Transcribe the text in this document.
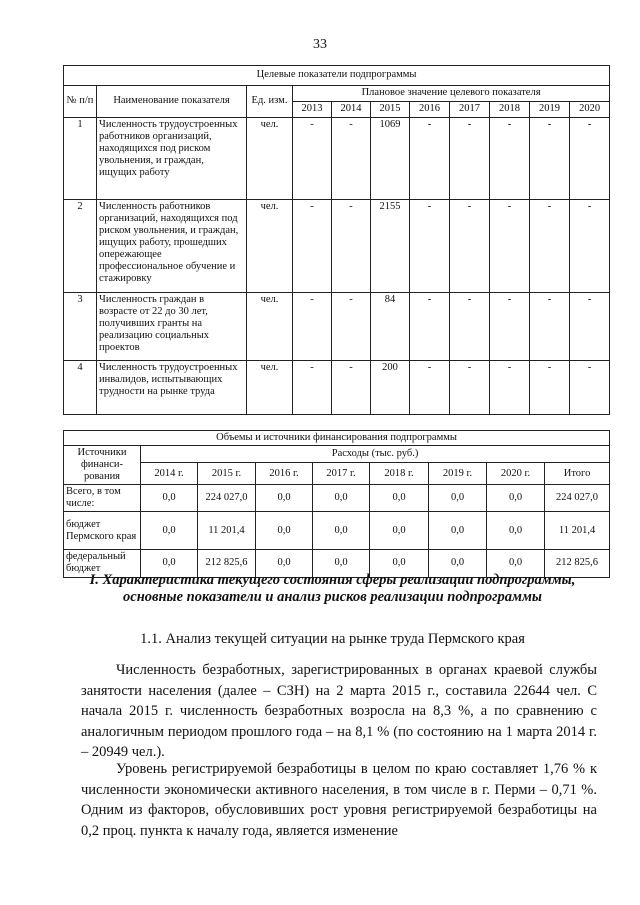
33
Целевые показатели подпрограммы										
№ п/п	Наименование показателя	Ед. изм.	Плановое значение целевого показателя							
			2013	2014	2015	2016	2017	2018	2019	2020
1	Численность трудоустроенных работников организаций, находящихся под риском увольнения, и граждан, ищущих работу	чел.	-	-	1069	-	-	-	-	-
2	Численность работников организаций, находящихся под риском увольнения, и граждан, ищущих работу, прошедших опережающее профессиональное обучение и стажировку	чел.	-	-	2155	-	-	-	-	-
3	Численность граждан в возрасте от 22 до 30 лет, получивших гранты на реализацию социальных проектов	чел.	-	-	84	-	-	-	-	-
4	Численность трудоустроенных инвалидов, испытывающих трудности на рынке труда	чел.	-	-	200	-	-	-	-	-
Объемы и источники финансирования подпрограммы								
Источники финанси-рования	Расходы (тыс. руб.)							
	2014 г.	2015 г.	2016 г.	2017 г.	2018 г.	2019 г.	2020 г.	Итого
Всего, в том числе:	0,0	224 027,0	0,0	0,0	0,0	0,0	0,0	224 027,0
бюджет Пермского края	0,0	11 201,4	0,0	0,0	0,0	0,0	0,0	11 201,4
федеральный бюджет	0,0	212 825,6	0,0	0,0	0,0	0,0	0,0	212 825,6
I. Характеристика текущего состояния сферы реализации подпрограммы, основные показатели и анализ рисков реализации подпрограммы
1.1. Анализ текущей ситуации на рынке труда Пермского края

Численность безработных, зарегистрированных в органах краевой службы занятости населения (далее – СЗН) на 2 марта 2015 г., составила 22644 чел. С начала 2015 г. численность безработных возросла на 8,3 %, а по сравнению с аналогичным периодом прошлого года – на 8,1 % (по состоянию на 1 марта 2014 г. – 20949 чел.).

Уровень регистрируемой безработицы в целом по краю составляет 1,76 % к численности экономически активного населения, в том числе в г. Перми – 0,71 %. Одним из факторов, обусловивших рост уровня регистрируемой безработицы на 0,2 проц. пункта к началу года, является изменение
